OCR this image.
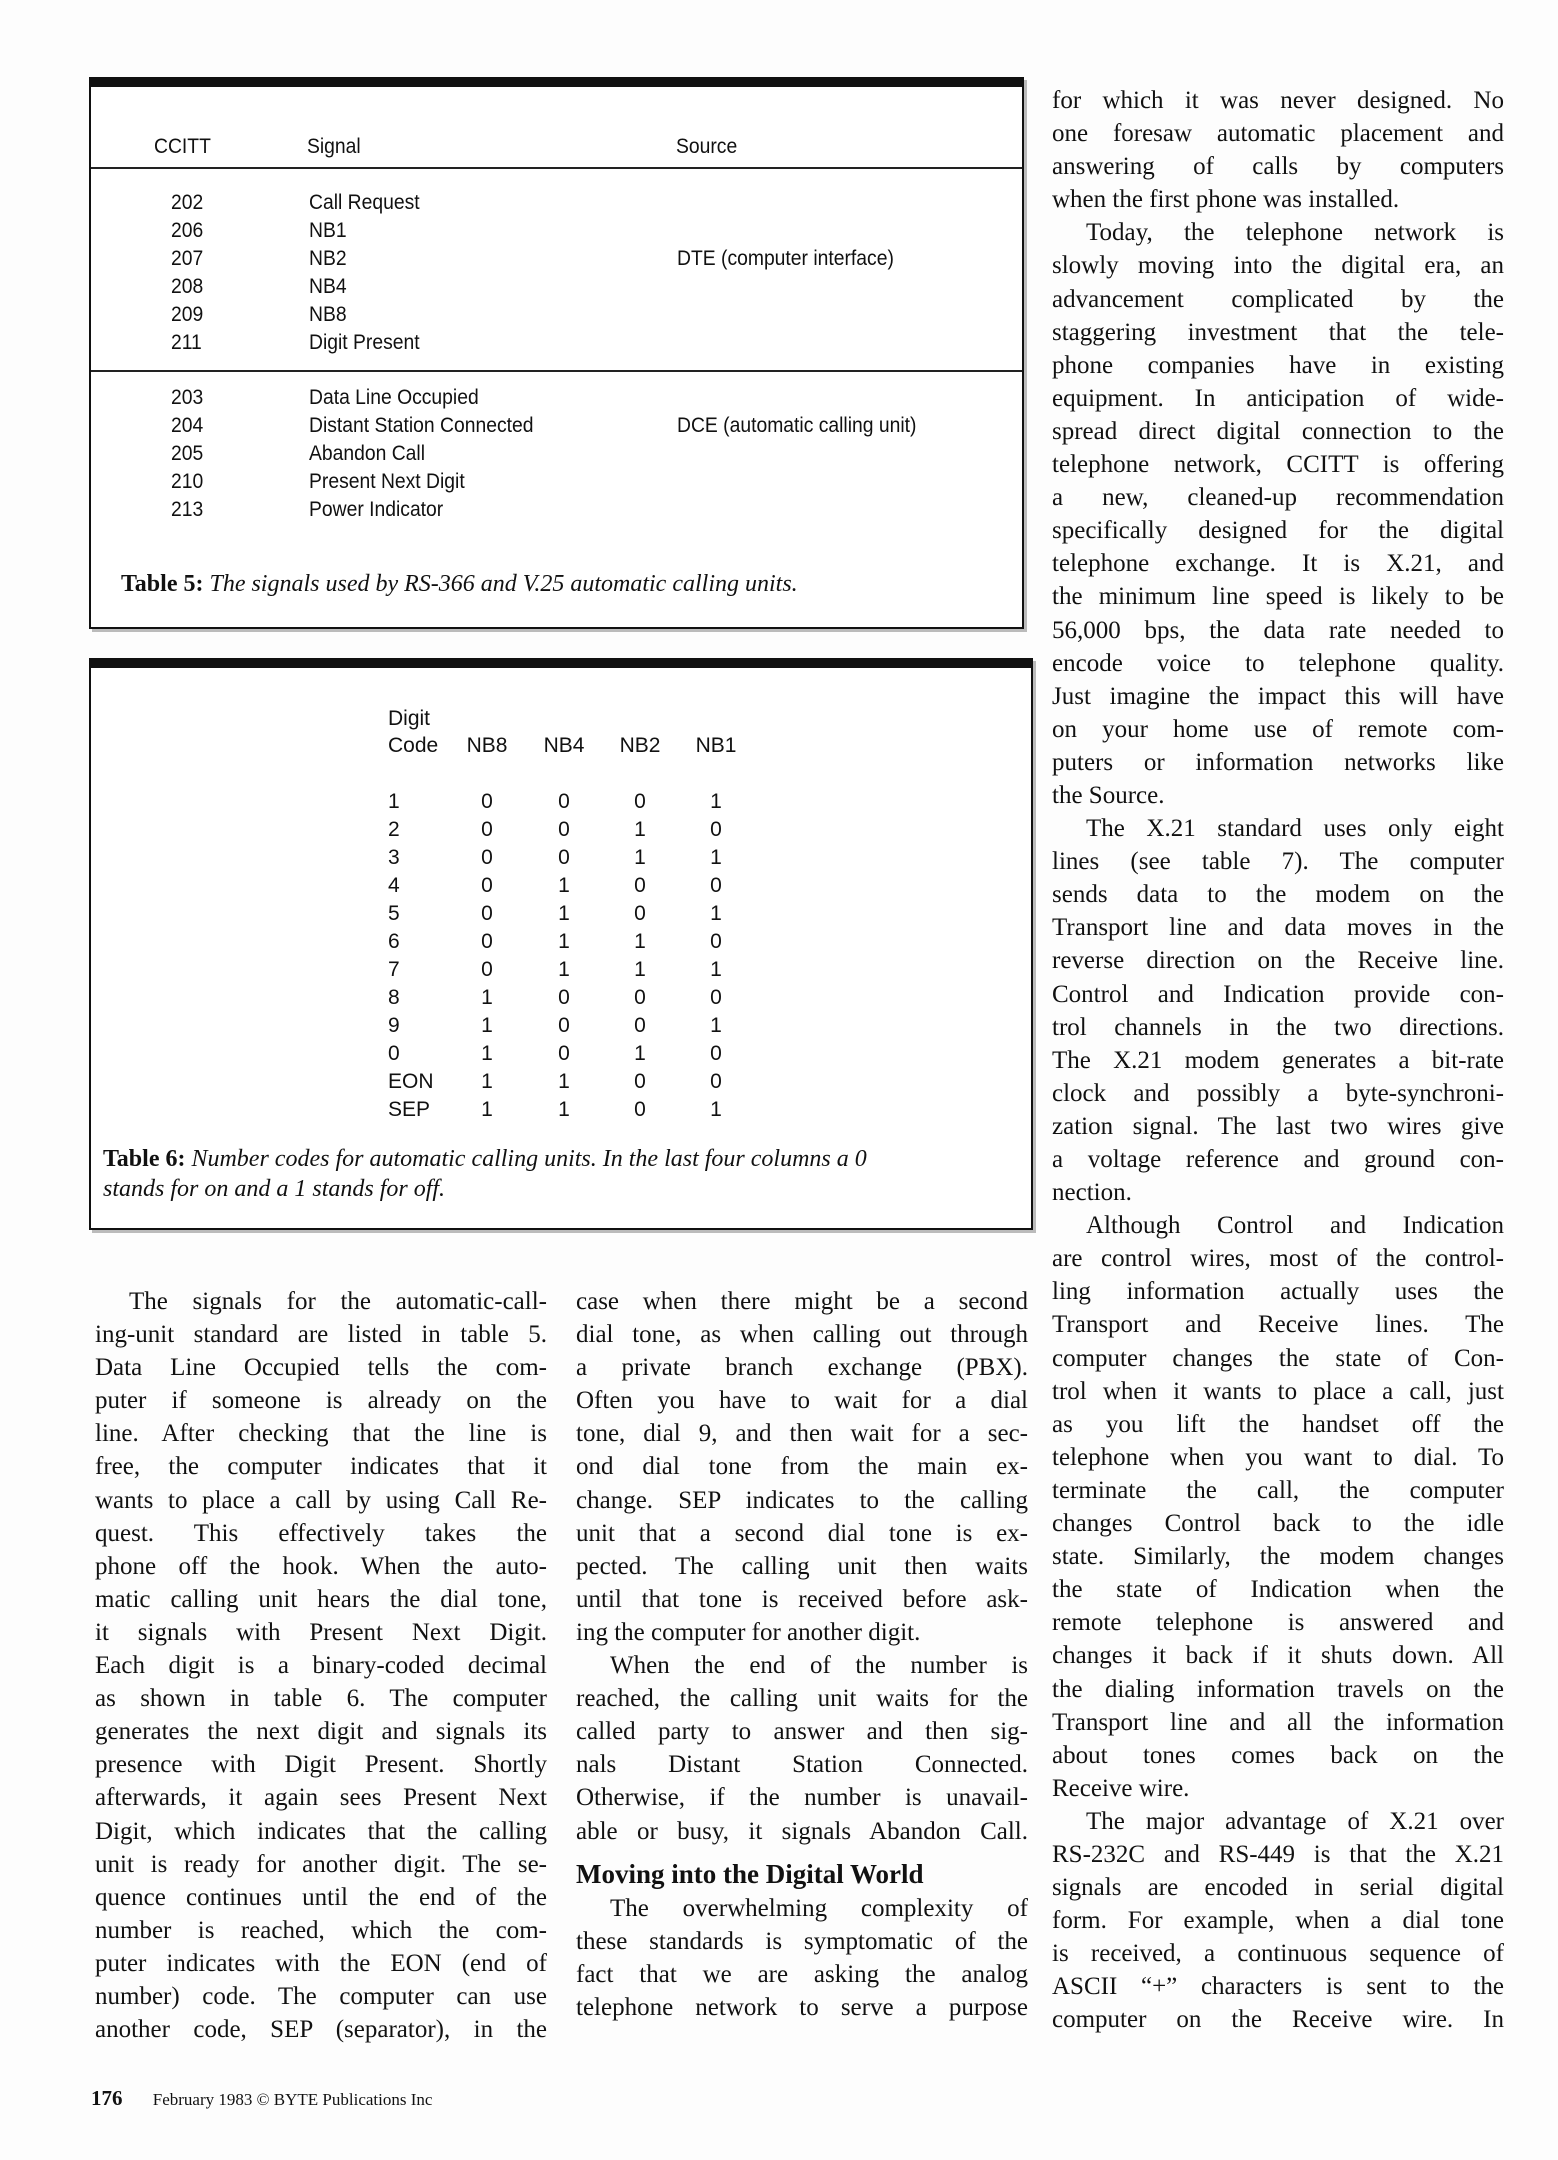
CCITT	Signal	Source
202	Call Request
206	NB1
207	NB2	DTE (computer interface)
208	NB4
209	NB8
211	Digit Present
203	Data Line Occupied
204	Distant Station Connected	DCE (automatic calling unit)
205	Abandon Call
210	Present Next Digit
213	Power Indicator
Table 5: The signals used by RS-366 and V.25 automatic calling units.
Digit
Code	NB8	NB4	NB2	NB1
1	0	0	0	1
2	0	0	1	0
3	0	0	1	1
4	0	1	0	0
5	0	1	0	1
6	0	1	1	0
7	0	1	1	1
8	1	0	0	0
9	1	0	0	1
0	1	0	1	0
EON	1	1	0	0
SEP	1	1	0	1
Table 6: Number codes for automatic calling units. In the last four columns a 0
stands for on and a 1 stands for off.
The signals for the automatic-call-
ing-unit standard are listed in table 5.
Data Line Occupied tells the com-
puter if someone is already on the
line. After checking that the line is
free, the computer indicates that it
wants to place a call by using Call Re-
quest. This effectively takes the
phone off the hook. When the auto-
matic calling unit hears the dial tone,
it signals with Present Next Digit.
Each digit is a binary-coded decimal
as shown in table 6. The computer
generates the next digit and signals its
presence with Digit Present. Shortly
afterwards, it again sees Present Next
Digit, which indicates that the calling
unit is ready for another digit. The se-
quence continues until the end of the
number is reached, which the com-
puter indicates with the EON (end of
number) code. The computer can use
another code, SEP (separator), in the
case when there might be a second
dial tone, as when calling out through
a private branch exchange (PBX).
Often you have to wait for a dial
tone, dial 9, and then wait for a sec-
ond dial tone from the main ex-
change. SEP indicates to the calling
unit that a second dial tone is ex-
pected. The calling unit then waits
until that tone is received before ask-
ing the computer for another digit.
When the end of the number is
reached, the calling unit waits for the
called party to answer and then sig-
nals Distant Station Connected.
Otherwise, if the number is unavail-
able or busy, it signals Abandon Call.
Moving into the Digital World
The overwhelming complexity of
these standards is symptomatic of the
fact that we are asking the analog
telephone network to serve a purpose
for which it was never designed. No
one foresaw automatic placement and
answering of calls by computers
when the first phone was installed.
Today, the telephone network is
slowly moving into the digital era, an
advancement complicated by the
staggering investment that the tele-
phone companies have in existing
equipment. In anticipation of wide-
spread direct digital connection to the
telephone network, CCITT is offering
a new, cleaned-up recommendation
specifically designed for the digital
telephone exchange. It is X.21, and
the minimum line speed is likely to be
56,000 bps, the data rate needed to
encode voice to telephone quality.
Just imagine the impact this will have
on your home use of remote com-
puters or information networks like
the Source.
The X.21 standard uses only eight
lines (see table 7). The computer
sends data to the modem on the
Transport line and data moves in the
reverse direction on the Receive line.
Control and Indication provide con-
trol channels in the two directions.
The X.21 modem generates a bit-rate
clock and possibly a byte-synchroni-
zation signal. The last two wires give
a voltage reference and ground con-
nection.
Although Control and Indication
are control wires, most of the control-
ling information actually uses the
Transport and Receive lines. The
computer changes the state of Con-
trol when it wants to place a call, just
as you lift the handset off the
telephone when you want to dial. To
terminate the call, the computer
changes Control back to the idle
state. Similarly, the modem changes
the state of Indication when the
remote telephone is answered and
changes it back if it shuts down. All
the dialing information travels on the
Transport line and all the information
about tones comes back on the
Receive wire.
The major advantage of X.21 over
RS-232C and RS-449 is that the X.21
signals are encoded in serial digital
form. For example, when a dial tone
is received, a continuous sequence of
ASCII “+” characters is sent to the
computer on the Receive wire. In
176 February 1983 © BYTE Publications Inc
